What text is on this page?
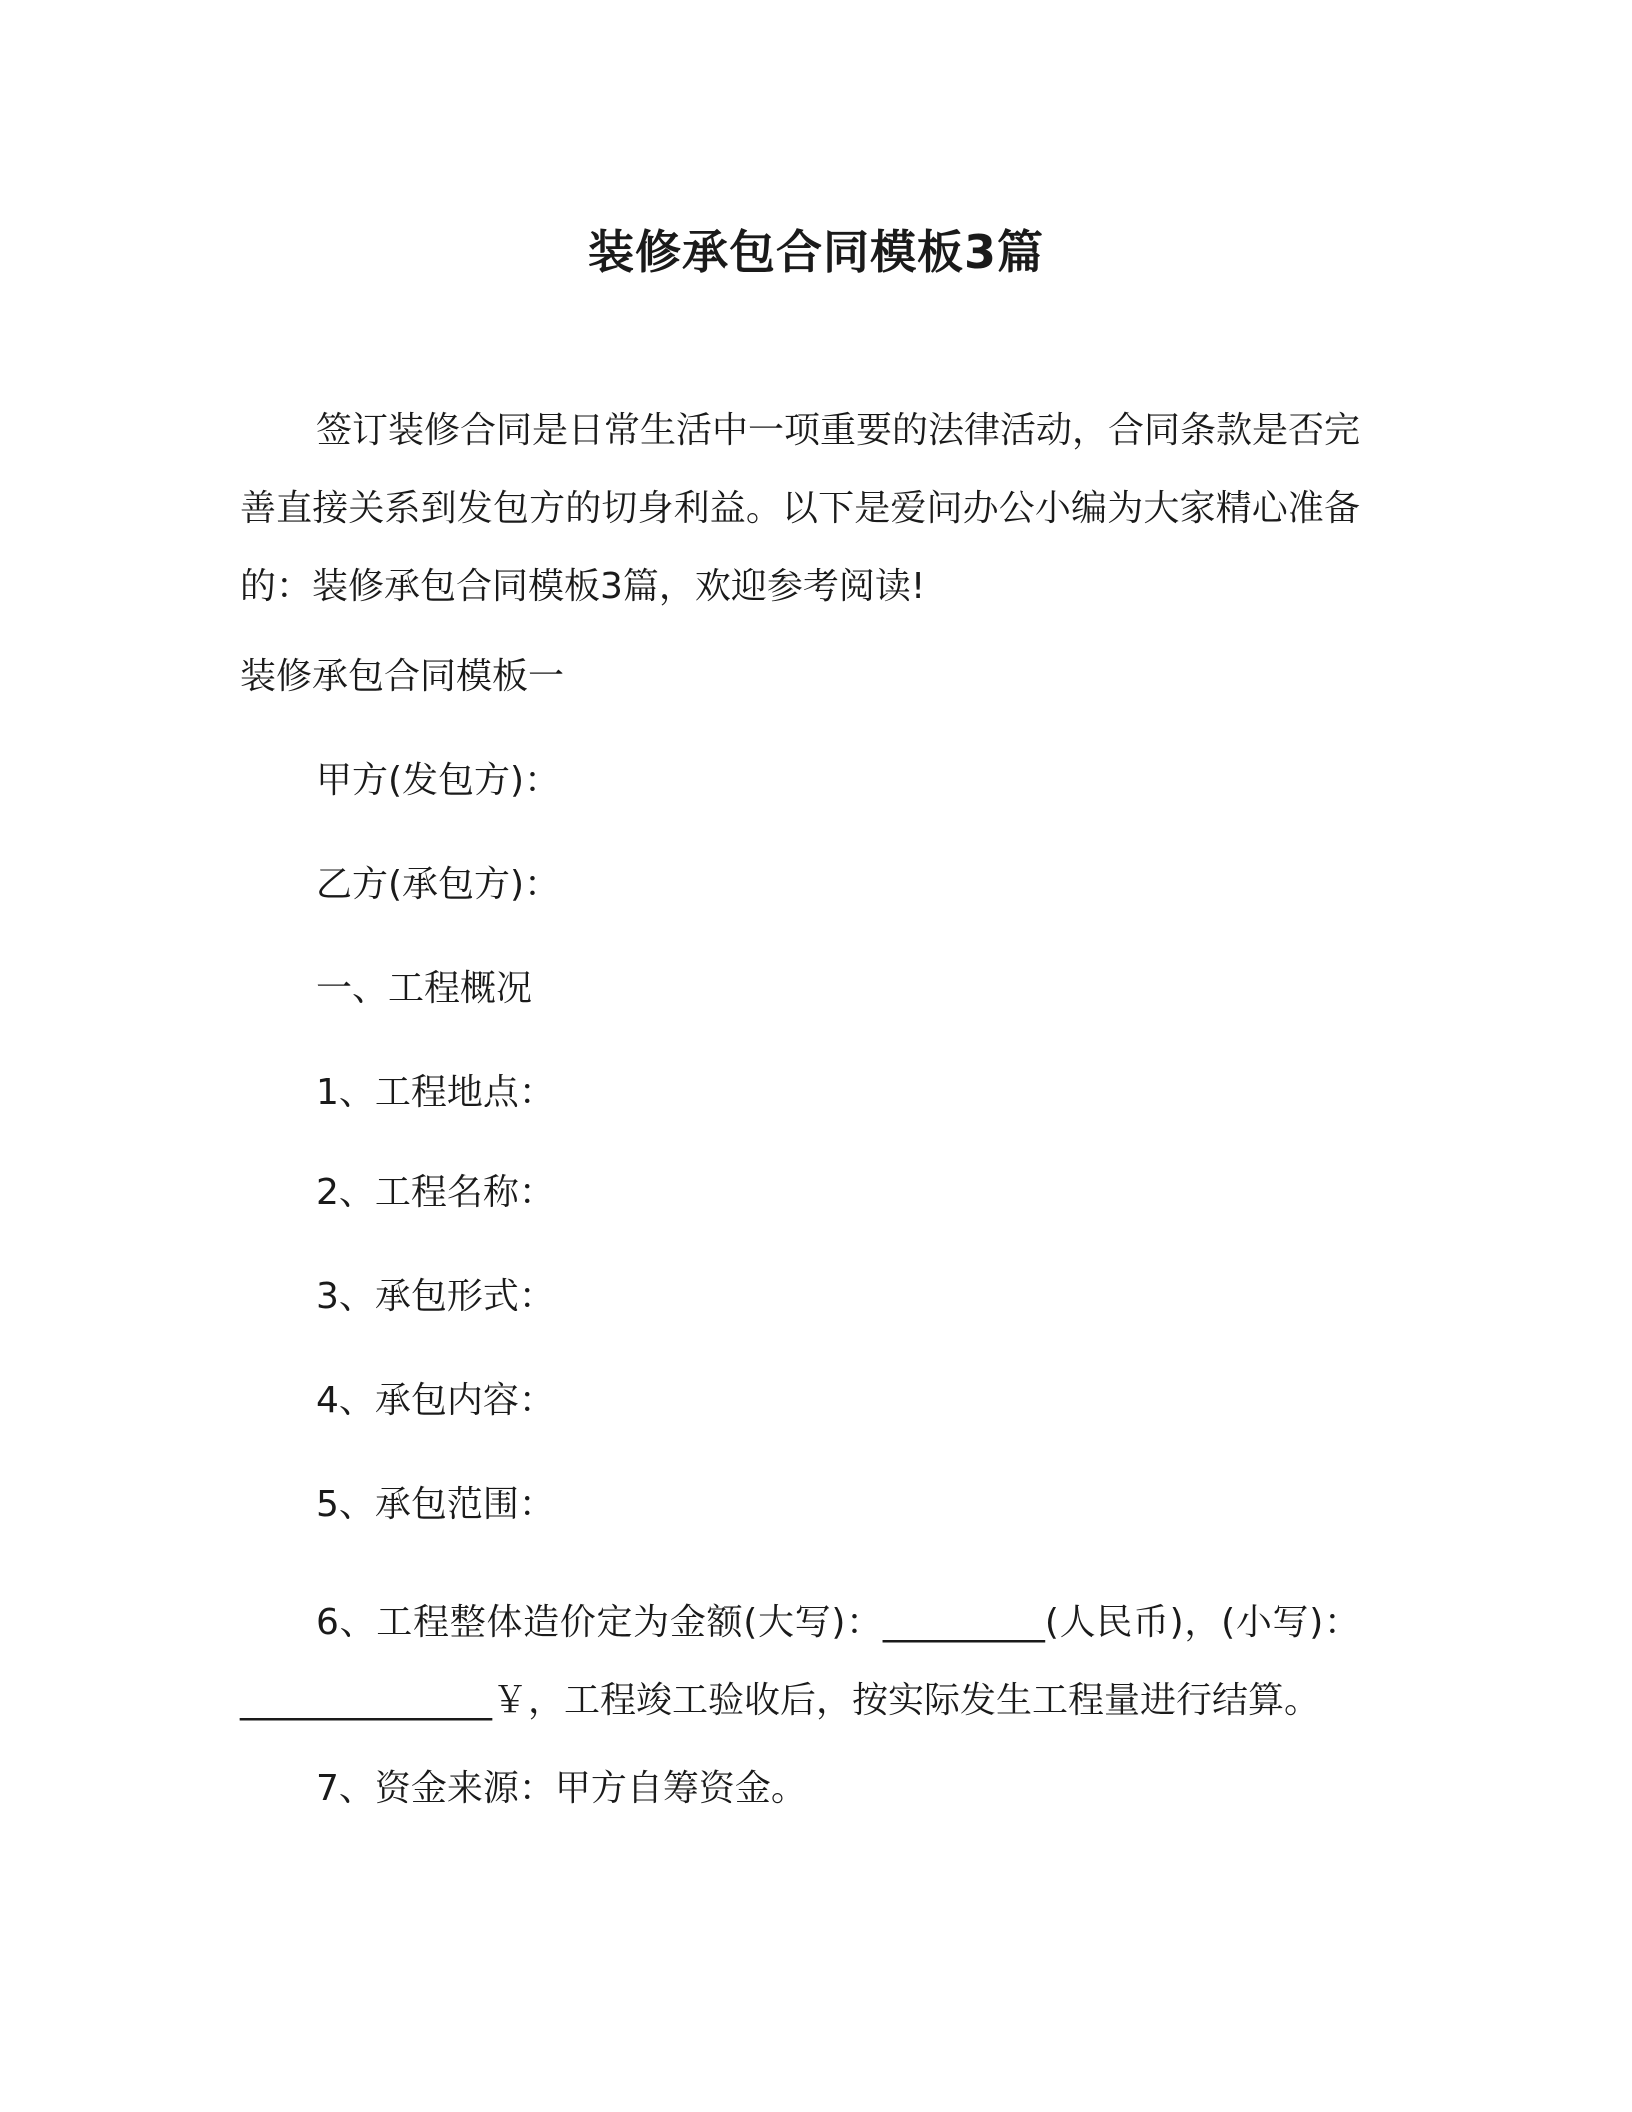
装修承包合同模板3篇
签订装修合同是日常生活中一项重要的法律活动，合同条款是否完善直接关系到发包方的切身利益。以下是爱问办公小编为大家精心准备的：装修承包合同模板3篇，欢迎参考阅读!
装修承包合同模板一
甲方(发包方)：
乙方(承包方)：
一、工程概况
1、工程地点：
2、工程名称：
3、承包形式：
4、承包内容：
5、承包范围：
6、工程整体造价定为金额(大写)：_________(人民币)，(小写)：______________￥，工程竣工验收后，按实际发生工程量进行结算。
7、资金来源：甲方自筹资金。
